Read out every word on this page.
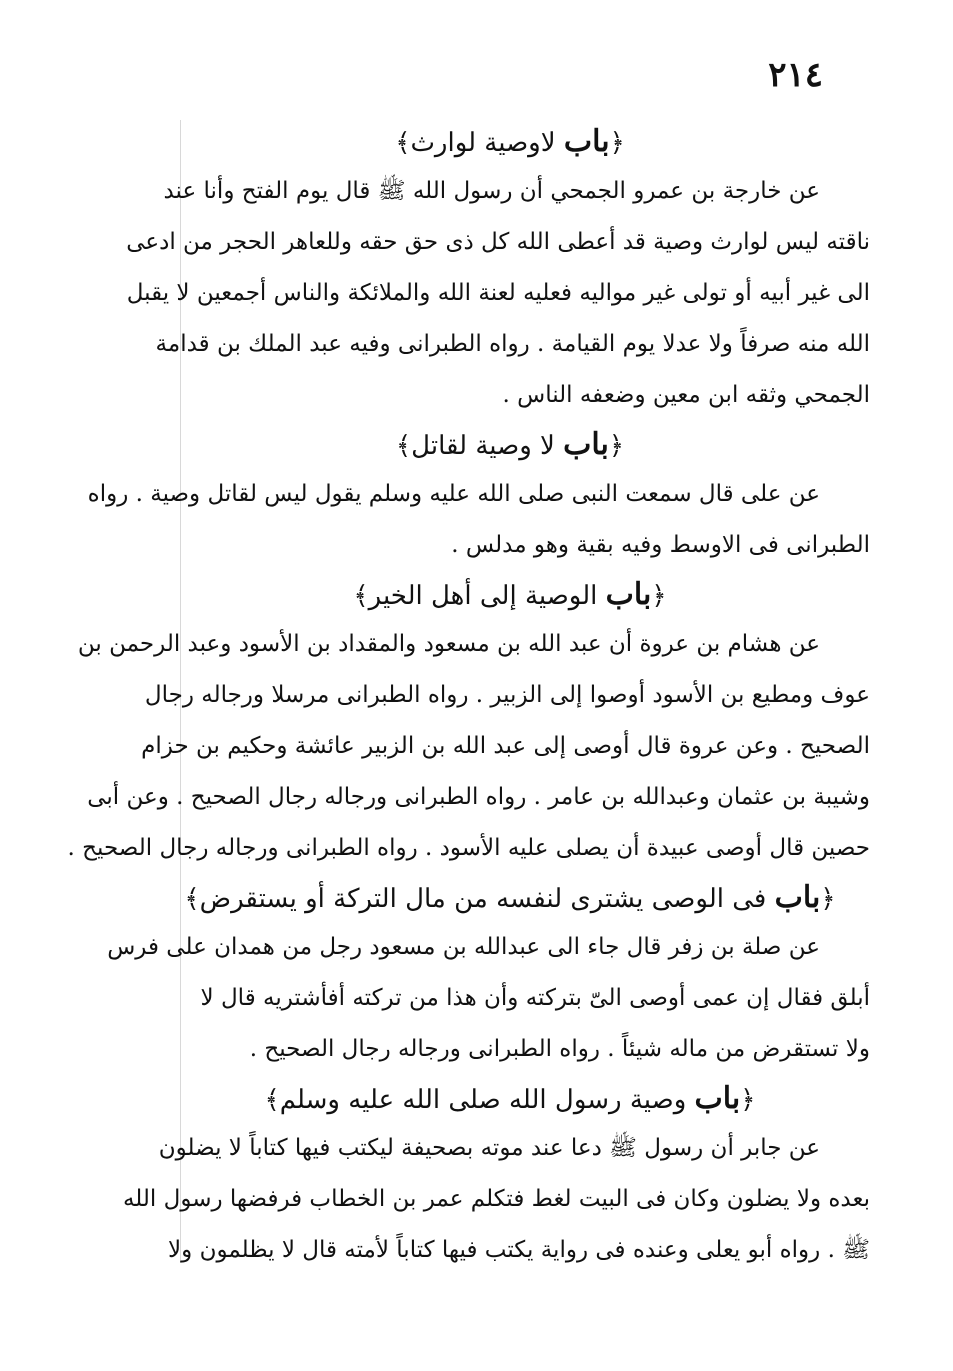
٢١٤
﴿باب لاوصية لوارث﴾
عن خارجة بن عمرو الجمحي أن رسول الله ﷺ قال يوم الفتح وأنا عند
ناقته ليس لوارث وصية قد أعطى الله كل ذى حق حقه وللعاهر الحجر من ادعى
الى غير أبيه أو تولى غير مواليه فعليه لعنة الله والملائكة والناس أجمعين لا يقبل
الله منه صرفاً ولا عدلا يوم القيامة . رواه الطبرانى وفيه عبد الملك بن قدامة
الجمحي وثقه ابن معين وضعفه الناس .
﴿باب لا وصية لقاتل﴾
عن على قال سمعت النبى صلى الله عليه وسلم يقول ليس لقاتل وصية . رواه
الطبرانى فى الاوسط وفيه بقية وهو مدلس .
﴿باب الوصية إلى أهل الخير﴾
عن هشام بن عروة أن عبد الله بن مسعود والمقداد بن الأسود وعبد الرحمن بن
عوف ومطيع بن الأسود أوصوا إلى الزبير . رواه الطبرانى مرسلا ورجاله رجال
الصحيح . وعن عروة قال أوصى إلى عبد الله بن الزبير عائشة وحكيم بن حزام
وشيبة بن عثمان وعبدالله بن عامر . رواه الطبرانى ورجاله رجال الصحيح . وعن أبى
حصين قال أوصى عبيدة أن يصلى عليه الأسود . رواه الطبرانى ورجاله رجال الصحيح .
﴿باب فى الوصى يشترى لنفسه من مال التركة أو يستقرض﴾
عن صلة بن زفر قال جاء الى عبدالله بن مسعود رجل من همدان على فرس
أبلق فقال إن عمى أوصى الىّ بتركته وأن هذا من تركته أفأشتريه قال لا
ولا تستقرض من ماله شيئاً . رواه الطبرانى ورجاله رجال الصحيح .
﴿باب وصية رسول الله صلى الله عليه وسلم﴾
عن جابر أن رسول ﷺ دعا عند موته بصحيفة ليكتب فيها كتاباً لا يضلون
بعده ولا يضلون وكان فى البيت لغط فتكلم عمر بن الخطاب فرفضها رسول الله
ﷺ . رواه أبو يعلى وعنده فى رواية يكتب فيها كتاباً لأمته قال لا يظلمون ولا
